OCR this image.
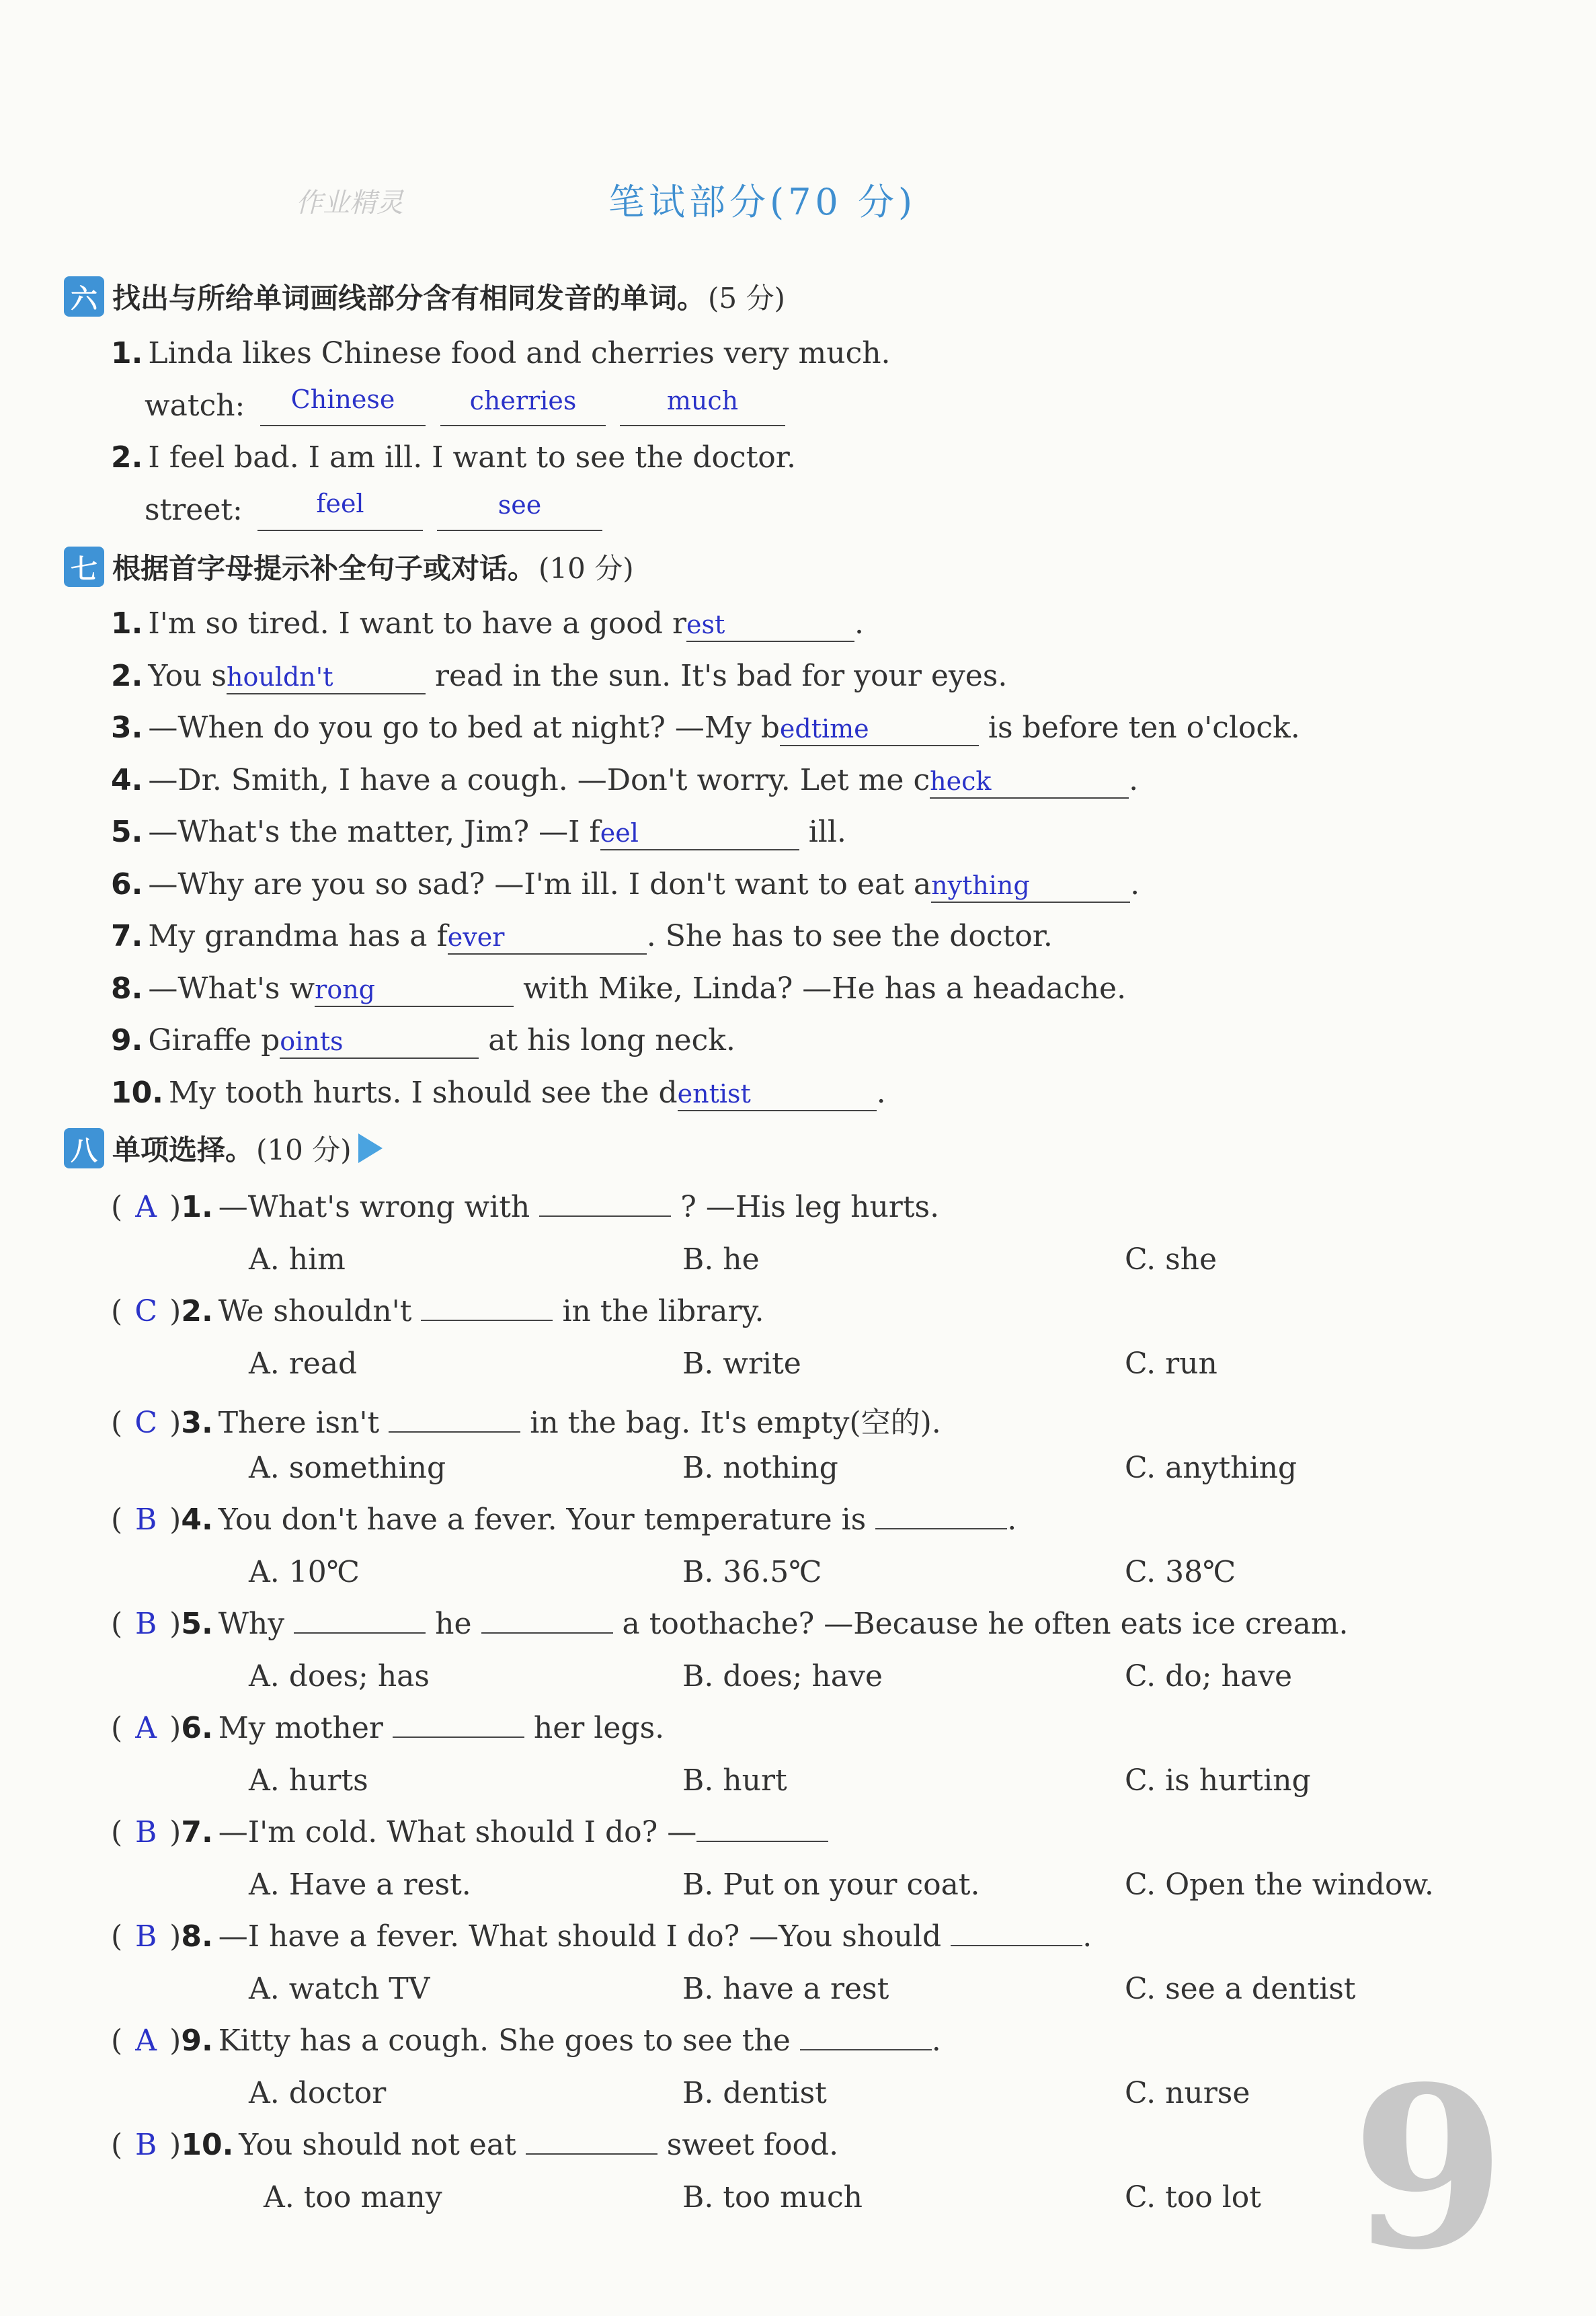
作业精灵	笔试部分(70 分)
六 找出与所给单词画线部分含有相同发音的单词。 (5 分)
1. Linda likes Chinese food and cherries very much.
watch:	Chinese	cherries	much
2. I feel bad. I am ill. I want to see the doctor.
street:	feel	see
七 根据首字母提示补全句子或对话。 (10 分)
1. I'm so tired. I want to have a good rest	.
2. You shouldn't	read in the sun. It's bad for your eyes.
3. —When do you go to bed at night? —My bedtime	is before ten o'clock.
4. —Dr. Smith, I have a cough. —Don't worry. Let me check	.
5. —What's the matter, Jim? —I feel	ill.
6. —Why are you so sad? —I'm ill. I don't want to eat anything	.
7. My grandma has a fever	. She has to see the doctor.
8. —What's wrong	with Mike, Linda? —He has a headache.
9. Giraffe points	at his long neck.
10. My tooth hurts. I should see the dentist	.
八 单项选择。 (10 分)
( A )1. —What's wrong with	? —His leg hurts.
A. him	B. he	C. she
( C )2. We shouldn't	in the library.
A. read	B. write	C. run
( C )3. There isn't	in the bag. It's empty(空的).
A. something	B. nothing	C. anything
( B )4. You don't have a fever. Your temperature is	.
A. 10℃	B. 36.5℃	C. 38℃
( B )5. Why	he	a toothache? —Because he often eats ice cream.
A. does; has	B. does; have	C. do; have
( A )6. My mother	her legs.
A. hurts	B. hurt	C. is hurting
( B )7. —I'm cold. What should I do? —
A. Have a rest.	B. Put on your coat.	C. Open the window.
( B )8. —I have a fever. What should I do? —You should	.
A. watch TV	B. have a rest	C. see a dentist
( A )9. Kitty has a cough. She goes to see the	.
A. doctor	B. dentist	C. nurse
( B )10. You should not eat	sweet food.
A. too many	B. too much	C. too lot 9
